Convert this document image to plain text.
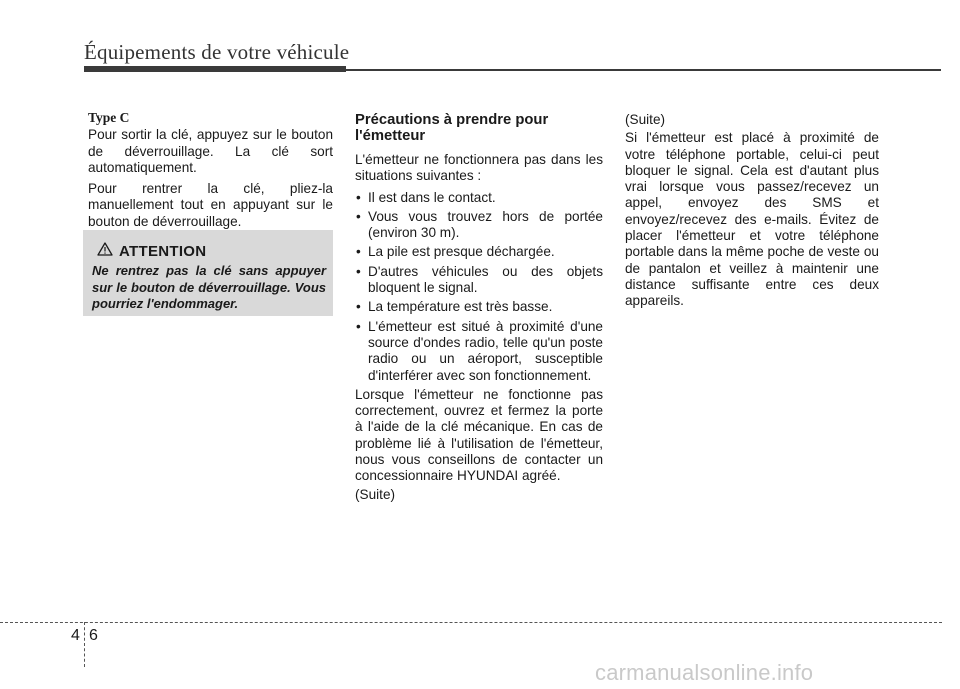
Équipements de votre véhicule
Type C

Pour sortir la clé, appuyez sur le bouton de déverrouillage. La clé sort automatiquement.

Pour rentrer la clé, pliez-la manuellement tout en appuyant sur le bouton de déverrouillage.

ATTENTION
Ne rentrez pas la clé sans appuyer sur le bouton de déverrouillage. Vous pourriez l'endommager.
Précautions à prendre pour l'émetteur

L'émetteur ne fonctionnera pas dans les situations suivantes :

• Il est dans le contact.
• Vous vous trouvez hors de portée (environ 30 m).
• La pile est presque déchargée.
• D'autres véhicules ou des objets bloquent le signal.
• La température est très basse.
• L'émetteur est situé à proximité d'une source d'ondes radio, telle qu'un poste radio ou un aéroport, susceptible d'interférer avec son fonctionnement.

Lorsque l'émetteur ne fonctionne pas correctement, ouvrez et fermez la porte à l'aide de la clé mécanique. En cas de problème lié à l'utilisation de l'émetteur, nous vous conseillons de contacter un concessionnaire HYUNDAI agréé.

(Suite)

(Suite)

Si l'émetteur est placé à proximité de votre téléphone portable, celui-ci peut bloquer le signal. Cela est d'autant plus vrai lorsque vous passez/recevez un appel, envoyez des SMS et envoyez/recevez des e-mails. Évitez de placer l'émetteur et votre téléphone portable dans la même poche de veste ou de pantalon et veillez à maintenir une distance suffisante entre ces deux appareils.

4 6
carmanualsonline.info
